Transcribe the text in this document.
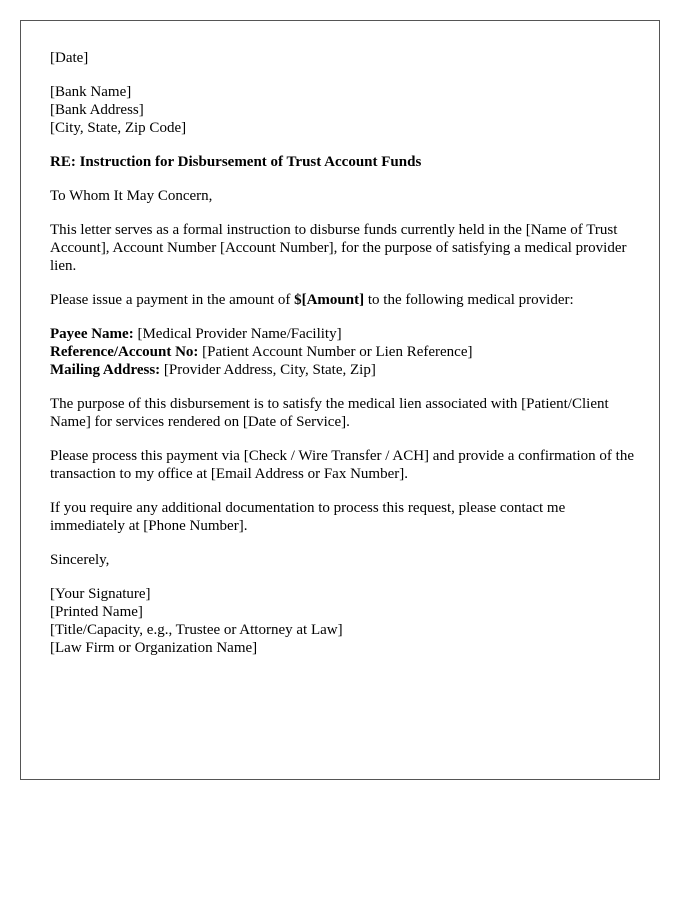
[Date]

[Bank Name]
[Bank Address]
[City, State, Zip Code]

RE: Instruction for Disbursement of Trust Account Funds

To Whom It May Concern,

This letter serves as a formal instruction to disburse funds currently held in the [Name of Trust Account], Account Number [Account Number], for the purpose of satisfying a medical provider lien.

Please issue a payment in the amount of $[Amount] to the following medical provider:

Payee Name: [Medical Provider Name/Facility]
Reference/Account No: [Patient Account Number or Lien Reference]
Mailing Address: [Provider Address, City, State, Zip]

The purpose of this disbursement is to satisfy the medical lien associated with [Patient/Client Name] for services rendered on [Date of Service].

Please process this payment via [Check / Wire Transfer / ACH] and provide a confirmation of the transaction to my office at [Email Address or Fax Number].

If you require any additional documentation to process this request, please contact me immediately at [Phone Number].

Sincerely,

[Your Signature]
[Printed Name]
[Title/Capacity, e.g., Trustee or Attorney at Law]
[Law Firm or Organization Name]
